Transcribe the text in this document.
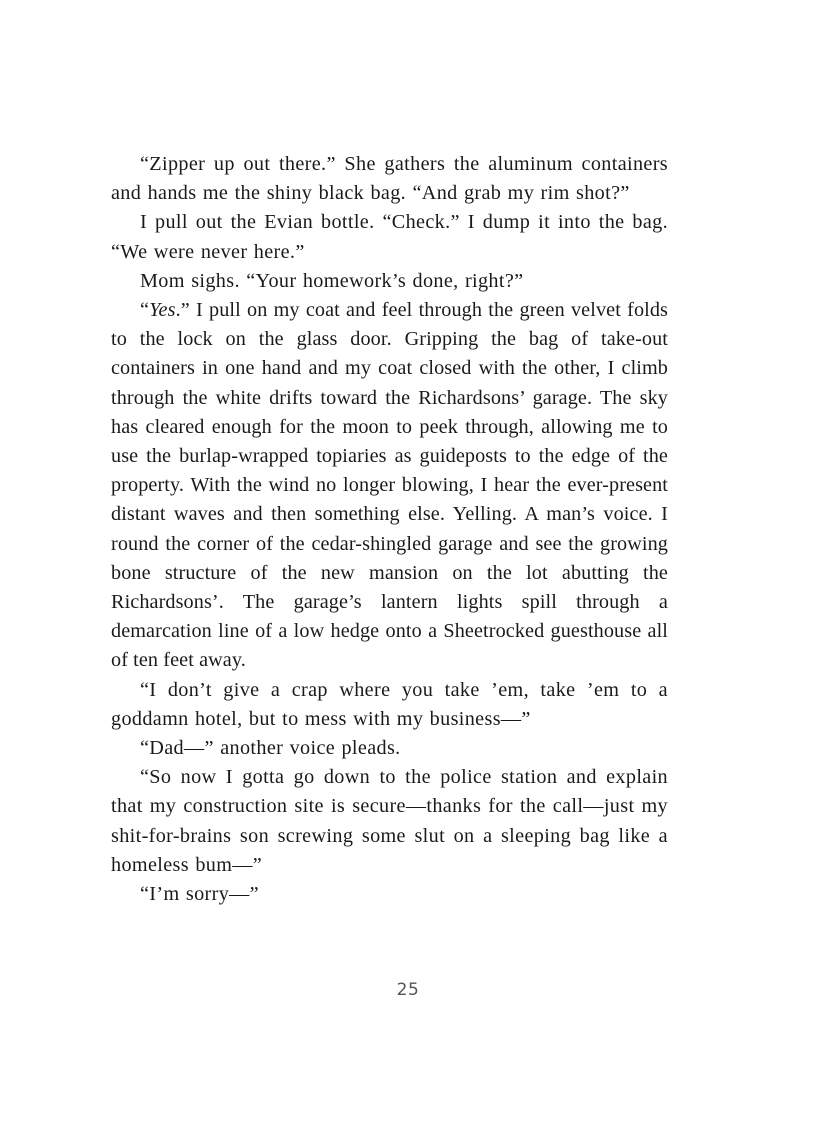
“Zipper up out there.” She gathers the aluminum containers and hands me the shiny black bag. “And grab my rim shot?”

I pull out the Evian bottle. “Check.” I dump it into the bag. “We were never here.”

Mom sighs. “Your homework’s done, right?”

“Yes.” I pull on my coat and feel through the green velvet folds to the lock on the glass door. Gripping the bag of take-out containers in one hand and my coat closed with the other, I climb through the white drifts toward the Richardsons’ garage. The sky has cleared enough for the moon to peek through, allowing me to use the burlap-wrapped topiaries as guideposts to the edge of the property. With the wind no longer blowing, I hear the ever-present distant waves and then something else. Yelling. A man’s voice. I round the corner of the cedar-shingled garage and see the growing bone structure of the new mansion on the lot abutting the Richardsons’. The garage’s lantern lights spill through a demarcation line of a low hedge onto a Sheetrocked guesthouse all of ten feet away.

“I don’t give a crap where you take ’em, take ’em to a goddamn hotel, but to mess with my business—”

“Dad—” another voice pleads.

“So now I gotta go down to the police station and explain that my construction site is secure—thanks for the call—just my shit-for-brains son screwing some slut on a sleeping bag like a homeless bum—”

“I’m sorry—”

25
